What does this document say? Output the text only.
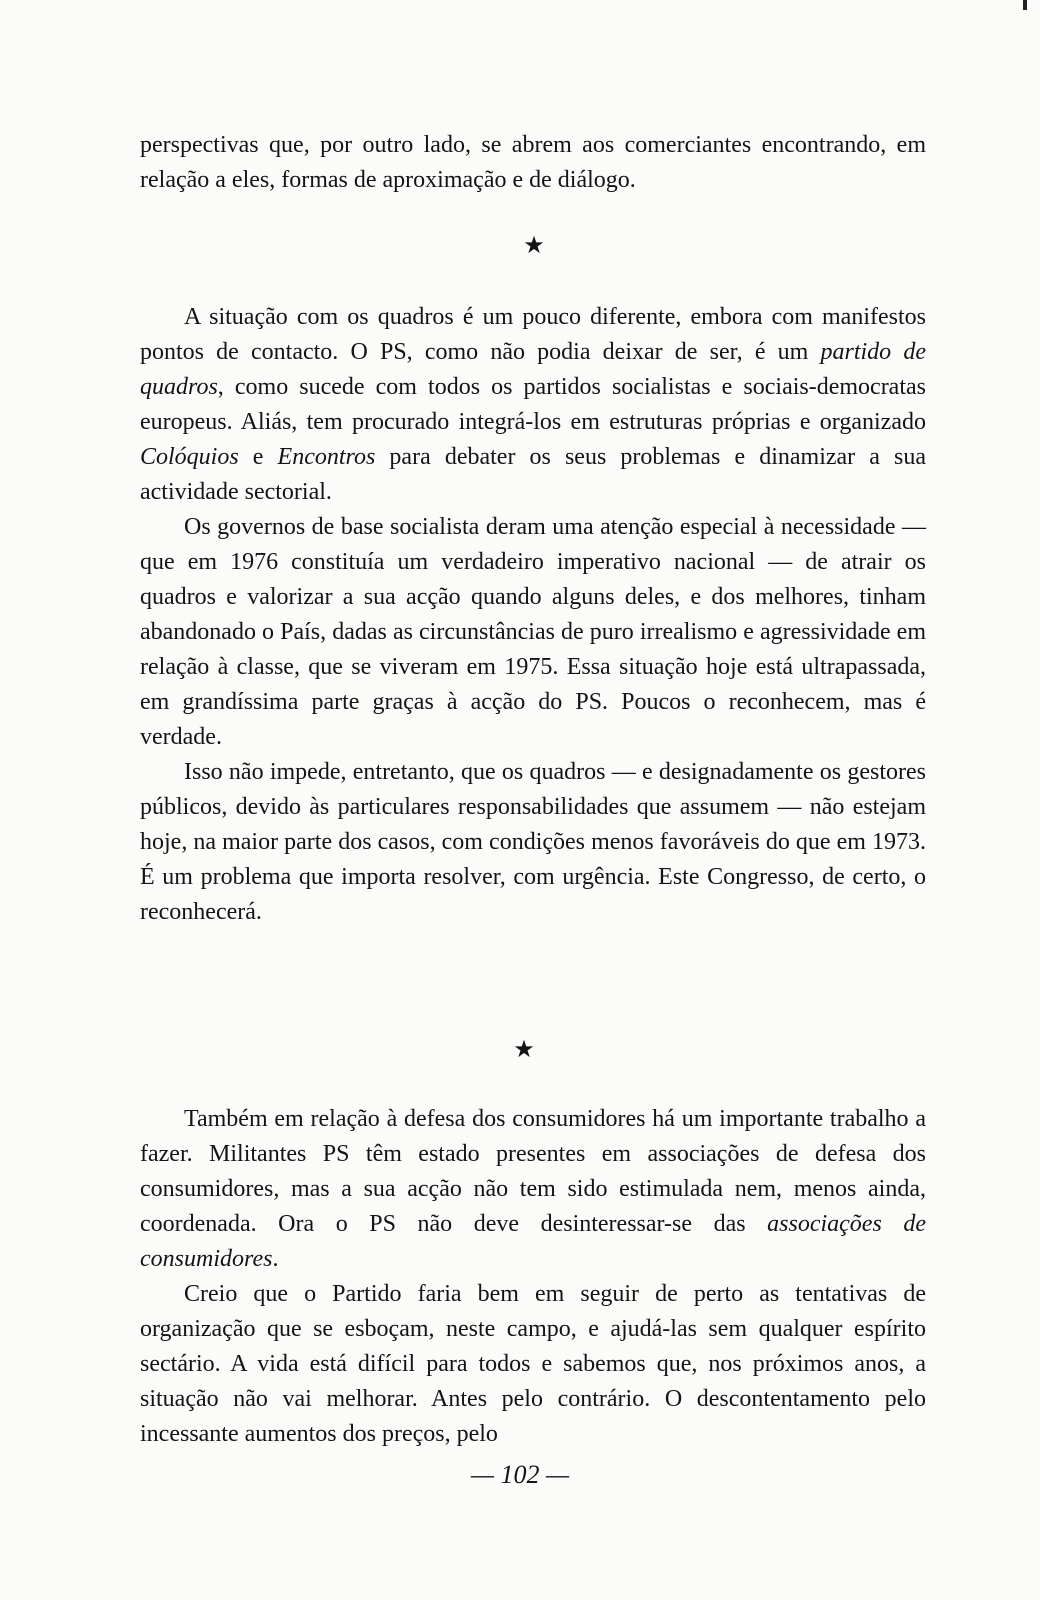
perspectivas que, por outro lado, se abrem aos comerciantes encontrando, em relação a eles, formas de aproximação e de diálogo.

★

A situação com os quadros é um pouco diferente, embora com manifestos pontos de contacto. O PS, como não podia deixar de ser, é um partido de quadros, como sucede com todos os partidos socialistas e sociais-democratas europeus. Aliás, tem procurado integrá-los em estruturas próprias e organizado Colóquios e Encontros para debater os seus problemas e dinamizar a sua actividade sectorial.

Os governos de base socialista deram uma atenção especial à necessidade — que em 1976 constituía um verdadeiro imperativo nacional — de atrair os quadros e valorizar a sua acção quando alguns deles, e dos melhores, tinham abandonado o País, dadas as circunstâncias de puro irrealismo e agressividade em relação à classe, que se viveram em 1975. Essa situação hoje está ultrapassada, em grandíssima parte graças à acção do PS. Poucos o reconhecem, mas é verdade.

Isso não impede, entretanto, que os quadros — e designadamente os gestores públicos, devido às particulares responsabilidades que assumem — não estejam hoje, na maior parte dos casos, com condições menos favoráveis do que em 1973. É um problema que importa resolver, com urgência. Este Congresso, de certo, o reconhecerá.

★

Também em relação à defesa dos consumidores há um importante trabalho a fazer. Militantes PS têm estado presentes em associações de defesa dos consumidores, mas a sua acção não tem sido estimulada nem, menos ainda, coordenada. Ora o PS não deve desinteressar-se das associações de consumidores.

Creio que o Partido faria bem em seguir de perto as tentativas de organização que se esboçam, neste campo, e ajudá-las sem qualquer espírito sectário. A vida está difícil para todos e sabemos que, nos próximos anos, a situação não vai melhorar. Antes pelo contrário. O descontentamento pelo incessante aumentos dos preços, pelo

— 102 —
